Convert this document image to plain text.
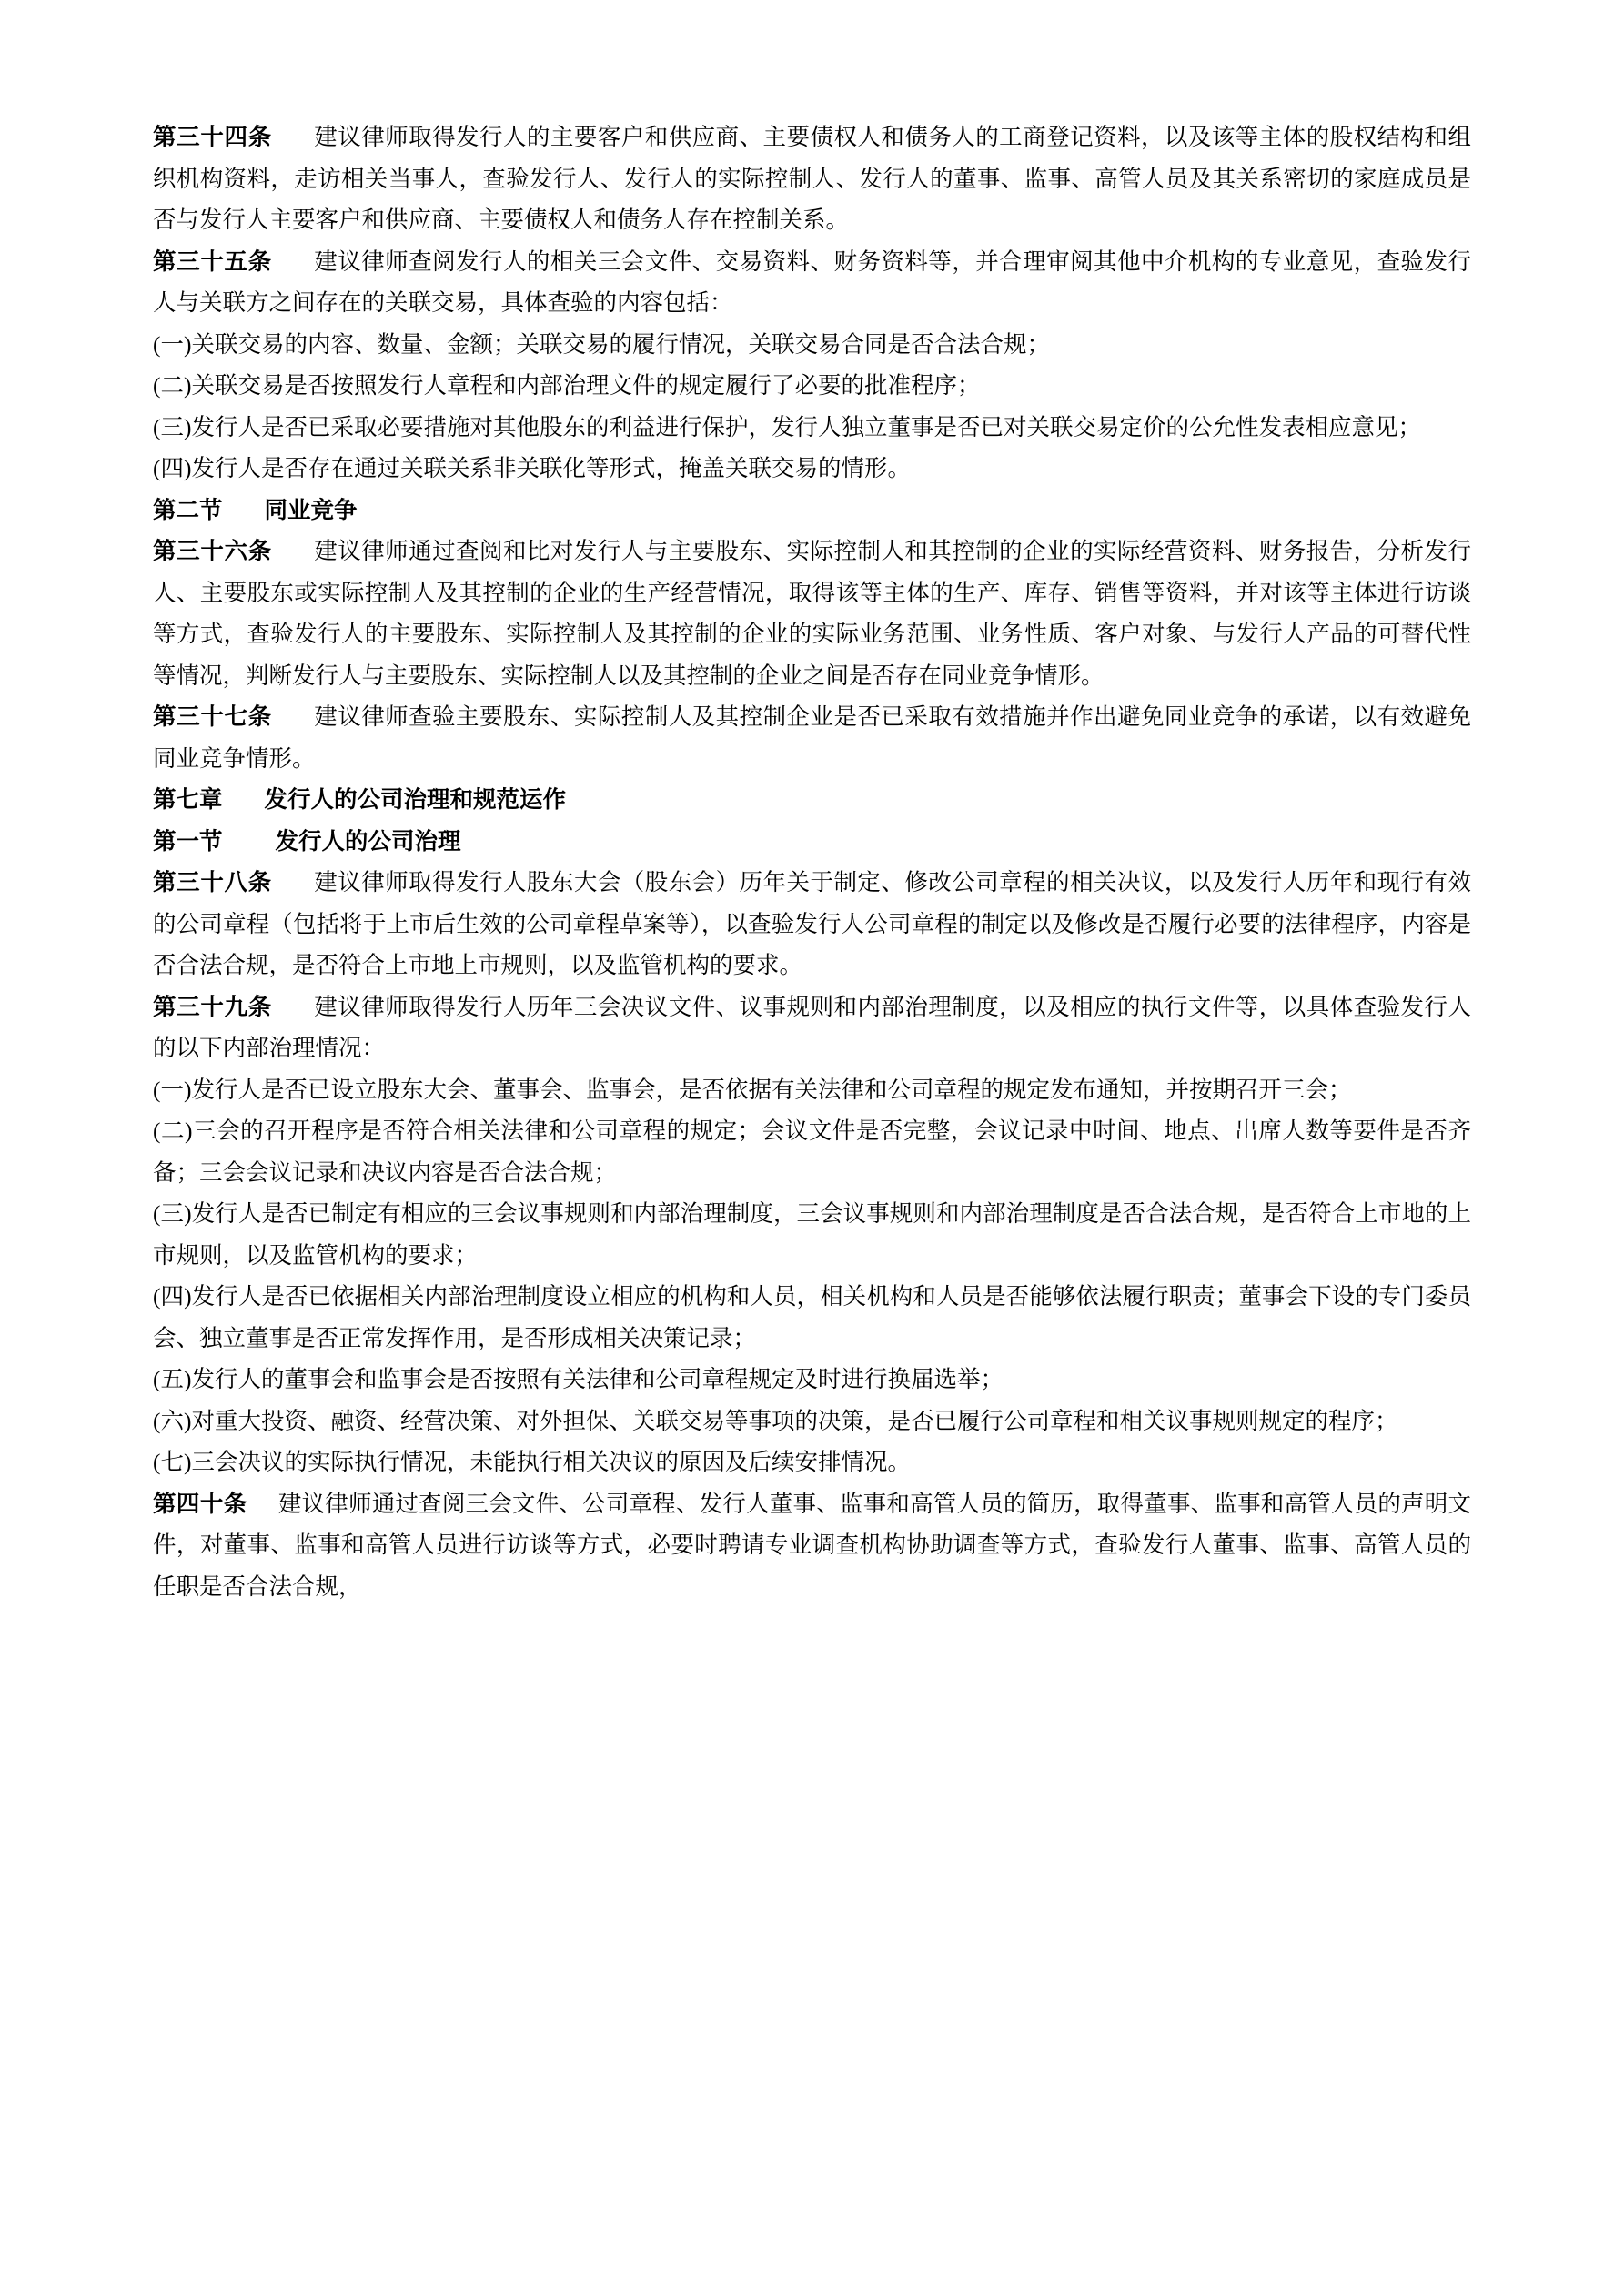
第三十四条 建议律师取得发行人的主要客户和供应商、主要债权人和债务人的工商登记资料，以及该等主体的股权结构和组织机构资料，走访相关当事人，查验发行人、发行人的实际控制人、发行人的董事、监事、高管人员及其关系密切的家庭成员是否与发行人主要客户和供应商、主要债权人和债务人存在控制关系。

第三十五条 建议律师查阅发行人的相关三会文件、交易资料、财务资料等，并合理审阅其他中介机构的专业意见，查验发行人与关联方之间存在的关联交易，具体查验的内容包括：

(一)关联交易的内容、数量、金额；关联交易的履行情况，关联交易合同是否合法合规；

(二)关联交易是否按照发行人章程和内部治理文件的规定履行了必要的批准程序；

(三)发行人是否已采取必要措施对其他股东的利益进行保护，发行人独立董事是否已对关联交易定价的公允性发表相应意见；

(四)发行人是否存在通过关联关系非关联化等形式，掩盖关联交易的情形。

第二节 同业竞争

第三十六条 建议律师通过查阅和比对发行人与主要股东、实际控制人和其控制的企业的实际经营资料、财务报告，分析发行人、主要股东或实际控制人及其控制的企业的生产经营情况，取得该等主体的生产、库存、销售等资料，并对该等主体进行访谈等方式，查验发行人的主要股东、实际控制人及其控制的企业的实际业务范围、业务性质、客户对象、与发行人产品的可替代性等情况，判断发行人与主要股东、实际控制人以及其控制的企业之间是否存在同业竞争情形。

第三十七条 建议律师查验主要股东、实际控制人及其控制企业是否已采取有效措施并作出避免同业竞争的承诺，以有效避免同业竞争情形。

第七章 发行人的公司治理和规范运作

第一节 发行人的公司治理

第三十八条 建议律师取得发行人股东大会（股东会）历年关于制定、修改公司章程的相关决议，以及发行人历年和现行有效的公司章程（包括将于上市后生效的公司章程草案等），以查验发行人公司章程的制定以及修改是否履行必要的法律程序，内容是否合法合规，是否符合上市地上市规则，以及监管机构的要求。

第三十九条 建议律师取得发行人历年三会决议文件、议事规则和内部治理制度，以及相应的执行文件等，以具体查验发行人的以下内部治理情况：

(一)发行人是否已设立股东大会、董事会、监事会，是否依据有关法律和公司章程的规定发布通知，并按期召开三会；

(二)三会的召开程序是否符合相关法律和公司章程的规定；会议文件是否完整，会议记录中时间、地点、出席人数等要件是否齐备；三会会议记录和决议内容是否合法合规；

(三)发行人是否已制定有相应的三会议事规则和内部治理制度，三会议事规则和内部治理制度是否合法合规，是否符合上市地的上市规则，以及监管机构的要求；

(四)发行人是否已依据相关内部治理制度设立相应的机构和人员，相关机构和人员是否能够依法履行职责；董事会下设的专门委员会、独立董事是否正常发挥作用，是否形成相关决策记录；

(五)发行人的董事会和监事会是否按照有关法律和公司章程规定及时进行换届选举；

(六)对重大投资、融资、经营决策、对外担保、关联交易等事项的决策，是否已履行公司章程和相关议事规则规定的程序；

(七)三会决议的实际执行情况，未能执行相关决议的原因及后续安排情况。

第四十条 建议律师通过查阅三会文件、公司章程、发行人董事、监事和高管人员的简历，取得董事、监事和高管人员的声明文件，对董事、监事和高管人员进行访谈等方式，必要时聘请专业调查机构协助调查等方式，查验发行人董事、监事、高管人员的任职是否合法合规，
